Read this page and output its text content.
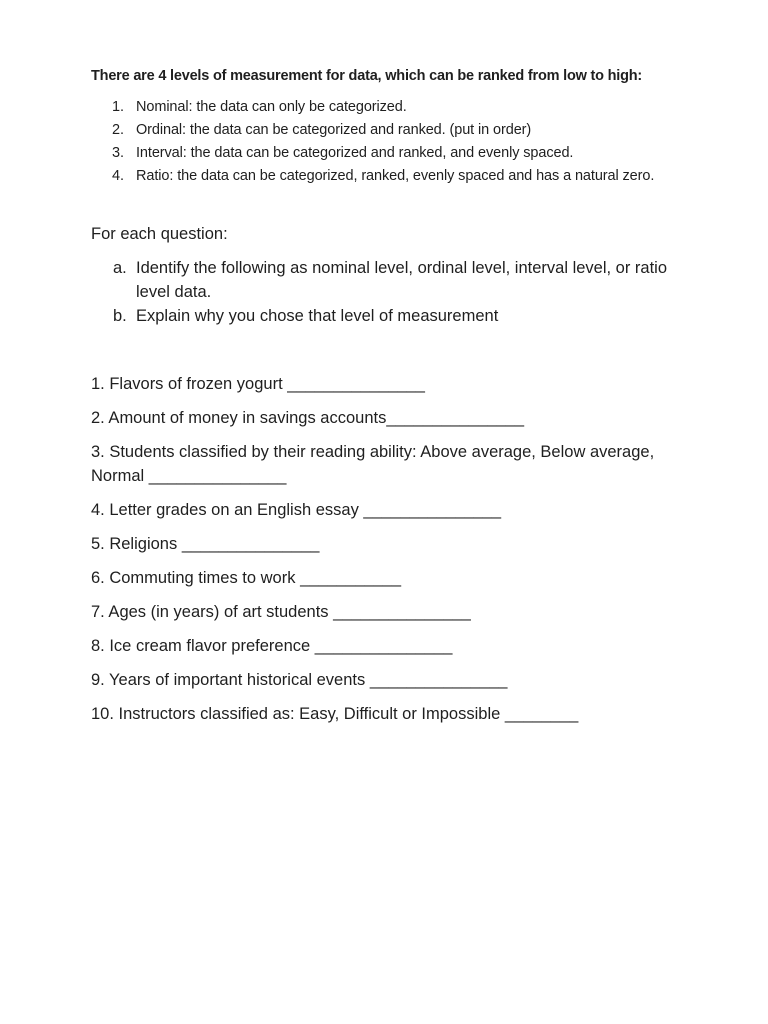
There are 4 levels of measurement for data, which can be ranked from low to high:

1. Nominal: the data can only be categorized.
2. Ordinal: the data can be categorized and ranked. (put in order)
3. Interval: the data can be categorized and ranked, and evenly spaced.
4. Ratio: the data can be categorized, ranked, evenly spaced and has a natural zero.

For each question:

a. Identify the following as nominal level, ordinal level, interval level, or ratio level data.
b. Explain why you chose that level of measurement
1. Flavors of frozen yogurt _______________
2. Amount of money in savings accounts_______________
3. Students classified by their reading ability: Above average, Below average, Normal _______________
4. Letter grades on an English essay _______________
5. Religions _______________
6. Commuting times to work ___________
7. Ages (in years) of art students _______________
8. Ice cream flavor preference _______________
9. Years of important historical events _______________
10. Instructors classified as: Easy, Difficult or Impossible ________
